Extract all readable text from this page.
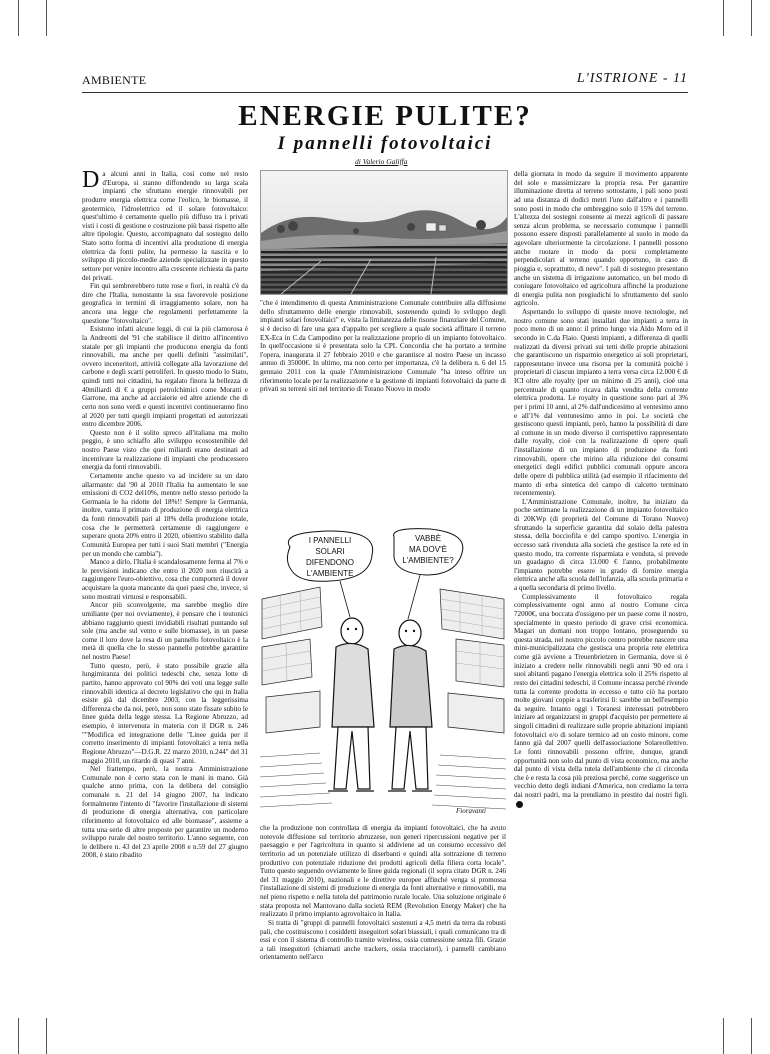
AMBIENTE	L'ISTRIONE - 11
ENERGIE PULITE?
I pannelli fotovoltaici
di Valerio Galiffa

Da alcuni anni in Italia, così come nel resto d'Europa, si stanno diffondendo su larga scala impianti che sfruttano energie rinnovabili per produrre energia elettrica come l'eolico, le biomasse, il geotermico, l'idroelettrico ed il solare fotovoltaico: quest'ultimo è certamente quello più diffuso tra i privati visti i costi di gestione e costruzione più bassi rispetto alle altre tipologie. Questo, accompagnato dal sostegno dello Stato sotto forma di incentivi alla produzione di energia elettrica da fonti pulite, ha permesso la nascita e lo sviluppo di piccolo-medie aziende specializzate in questo settore per venire incontro alla crescente richiesta da parte dei privati.

Fin qui sembrerebbero tutte rose e fiori, in realtà c'è da dire che l'Italia, nonostante la sua favorevole posizione geografica in termini di irraggiamento solare, non ha ancora una legge che regolamenti perfettamente la questione "fotovoltaico".

Esistono infatti alcune leggi, di cui la più clamorosa è la Andreotti del '91 che stabilisce il diritto all'incentivo statale per gli impianti che producono energia da fonti rinnovabili, ma anche per quelli definiti "assimilati", ovvero inceneritori, attività collegate alla lavorazione del carbone e degli scarti petroliferi. In questo modo lo Stato, quindi tutti noi cittadini, ha regalato finora la bellezza di 40miliardi di € a gruppi petrolchimici come Moratti e Garrone, ma anche ad acciaierie ed altre aziende che di certo non sono verdi e questi incentivi continueranno fino al 2020 per tutti quegli impianti progettati ed autorizzati entro dicembre 2006.

Questo non è il solito spreco all'italiana ma molto peggio, è uno schiaffo allo sviluppo ecosostenibile del nostro Paese visto che quei miliardi erano destinati ad incentivare la realizzazione di impianti che producessero energia da fonti rinnovabili.

Certamente anche questo va ad incidere su un dato allarmante: dal '90 al 2010 l'Italia ha aumentato le sue emissioni di CO2 del10%, mentre nello stesso periodo la Germania le ha ridotte del 18%!! Sempre la Germania, inoltre, vanta il primato di produzione di energia elettrica da fonti rinnovabili pari al 18% della produzione totale, cosa che le permetterà certamente di raggiungere e superare quota 20% entro il 2020, obiettivo stabilito dalla Comunità Europea per tutti i suoi Stati membri ("Energia per un mondo che cambia").

Manco a dirlo, l'Italia è scandalosamente ferma al 7% e le previsioni indicano che entro il 2020 non riuscirà a raggiungere l'euro-obiettivo, cosa che comporterà il dover acquistare la quota mancante da quei paesi che, invece, si sono mostrati virtuosi e responsabili.

Ancor più sconvolgente, ma sarebbe meglio dire umiliante (per noi ovviamente), è pensare che i teutonici abbiano raggiunto questi invidiabili risultati puntando sul sole (ma anche sul vento e sulle biomasse), in un paese come il loro dove la resa di un pannello fotovoltaico è la metà di quella che lo stesso pannello potrebbe garantire nel nostro Paese!

Tutto questo, però, è stato possibile grazie alla lungimiranza dei politici tedeschi che, senza lotte di partito, hanno approvato col 90% dei voti una legge sulle rinnovabili identica al decreto legislativo che qui in Italia esiste già dal dicembre 2003, con la leggerissima differenza che da noi, però, non sono state fissate subito le linee guida della legge stessa. La Regione Abruzzo, ad esempio, è intervenuta in materia con il DGR n. 246 ""Modifica ed integrazione delle "Linee guida per il corretto inserimento di impianti fotovoltaici a terra nella Regione Abruzzo"—D.G.R. 22 marzo 2010, n.244" del 31 maggio 2010, un ritardo di quasi 7 anni.

Nel frattempo, però, la nostra Amministrazione Comunale non è certo stata con le mani in mano. Già qualche anno prima, con la delibera del consiglio comunale n. 21 del 14 giugno 2007, ha indicato formalmente l'intento di "favorire l'installazione di sistemi di produzione di energia alternativa, con particolare riferimento al fotovoltaico ed alle biomasse", assieme a tutta una serie di altre proposte per garantire un moderno sviluppo rurale del nostro territorio. L'anno seguente, con le delibere n. 43 del 23 aprile 2008 e n.59 del 27 giugno 2008, è stato ribadito

"che è intendimento di questa Amministrazione Comunale contribuire alla diffusione dello sfruttamento delle energie rinnovabili, sostenendo quindi lo sviluppo degli impianti solari fotovoltaici" e, vista la limitatezza delle risorse finanziare del Comune, si è deciso di fare una gara d'appalto per scegliere a quale società affittare il terreno EX-Eca in C.da Campodino per la realizzazione proprio di un impianto fotovoltaico. In quell'occasione si è presentata solo la CPL Concordia che ha portato a termine l'opera, inaugurata il 27 febbraio 2010 e che garantisce al nostro Paese un incasso annuo di 35000€. In ultimo, ma non certo per importanza, c'è la delibera n. 6 del 15 gennaio 2011 con la quale l'Amministrazione Comunale "ha inteso offrire un riferimento locale per la realizzazione e la gestione di impianti fotovoltaici da parte di privati su terreni siti nel territorio di Torano Nuovo in modo

I PANNELLI
SOLARI
DIFENDONO
L'AMBIENTE
VABBÈ
MA DOV'È
L'AMBIENTE?
Fioravanti

che la produzione non controllata di energia da impianti fotovoltaici, che ha avuto notevole diffusione sul territorio abruzzese, non generi ripercussioni negative per il paesaggio e per l'agricoltura in quanto si addiviene ad un consumo eccessivo del territorio ad un potenziale utilizzo di diserbanti e quindi alla sottrazione di terreno produttivo con potenziale riduzione dei prodotti agricoli della filiera corta locale". Tutto questo seguendo ovviamente le linee guida regionali (il sopra citato DGR n. 246 del 31 maggio 2010), nazionali e le direttive europee affinché venga si promossa l'installazione di sistemi di produzione di energia da fonti alternative e rinnovabili, ma nel pieno rispetto e nella tutela del patrimonio rurale locale. Una soluzione originale è stata proposta nel Mantovano dalla società REM (Revolution Energy Maker) che ha realizzato il primo impianto agrovoltaico in Italia.

Si tratta di "gruppi di pannelli fotovoltaici sostenuti a 4,5 metri da terra da robusti pali, che costituiscono i cosiddetti inseguitori solari biassiali, i quali comunicano tra di essi e con il sistema di controllo tramite wireless, ossia connessione senza fili. Grazie a tali inseguitori (chiamati anche trackers, ossia tracciatori), i pannelli cambiano orientamento nell'arco

della giornata in modo da seguire il movimento apparente del sole e massimizzare la propria resa. Per garantire illuminazione diretta al terreno sottostante, i pali sono posti ad una distanza di dodici metri l'uno dall'altro e i pannelli sono posti in modo che ombreggino solo il 15% del terreno. L'altezza dei sostegni consente ai mezzi agricoli di passare senza alcun problema, se necessario comunque i pannelli possono essere disposti parallelamente al suolo in modo da agevolare ulteriormente la circolazione. I pannelli possono anche ruotare in modo da porsi completamente perpendicolari al terreno quando opportuno, in caso di pioggia e, soprattutto, di neve". I pali di sostegno presentano anche un sistema di irrigazione automatico, un bel modo di coniugare fotovoltaico ed agricoltura affinché la produzione di energia pulita non pregiudichi lo sfruttamento del suolo agricolo.

Aspettando lo sviluppo di queste nuove tecnologie, nel nostro comune sono stati installati due impianti a terra in poco meno di un anno: il primo lungo via Aldo Moro ed il secondo in C.da Flaio. Questi impianti, a differenza di quelli realizzati da diversi privati sui tetti delle proprie abitazioni che garantiscono un risparmio energetico ai soli proprietari, rappresentano invece una risorsa per la comunità poiché i proprietari di ciascun impianto a terra versa circa 12.000 € di ICI oltre alle royalty (per un minimo di 25 anni), cioè una percentuale di quanto ricava dalla vendita della corrente elettrica prodotta. Le royalty in questione sono pari al 3% per i primi 10 anni, al 2% dall'undicesimo al ventesimo anno e all'1% dal ventunesimo anno in poi. Le società che gestiscono questi impianti, però, hanno la possibilità di dare al comune in un modo diverso il corrispettivo rappresentato dalle royalty, cioè con la realizzazione di opere quali l'installazione di un impianto di produzione da fonti rinnovabili, opere che mirino alla riduzione dei consumi energetici degli edifici pubblici comunali oppure ancora delle opere di pubblica utilità (ad esempio il rifacimento del manto di erba sintetica del campo di calcetto terminato recentemente).

L'Amministrazione Comunale, inoltre, ha iniziato da poche settimane la realizzazione di un impianto fotovoltaico di 20KWp (di proprietà del Comune di Torano Nuovo) sfruttando la superficie garantita dal solaio della palestra stessa, della bocciofila e del campo sportivo. L'energia in eccesso sarà rivenduta alla società che gestisce la rete ed in questo modo, tra corrente risparmiata e venduta, si prevede un guadagno di circa 13.000 € l'anno, probabilmente l'impianto potrebbe essere in grado di fornire energia elettrica anche alla scuola dell'infanzia, alla scuola primaria e a quella secondaria di primo livello.

Complessivamente il fotovoltaico regala complessivamente ogni anno al nostro Comune circa 72000€, una boccata d'ossigeno per un paese come il nostro, specialmente in questo periodo di grave crisi economica. Magari un domani non troppo lontano, proseguendo su questa strada, nel nostro piccolo centro potrebbe nascere una mini-municipalizzata che gestisca una propria rete elettrica come già avviene a Treuenbrietzen in Germania, dove si è iniziato a credere nelle rinnovabili negli anni '90 ed ora i suoi abitanti pagano l'energia elettrica solo il 25% rispetto al resto dei cittadini tedeschi, il Comune incassa perché rivende tutta la corrente prodotta in eccesso e tutto ciò ha portato molte giovani coppie a trasferirsi lì: sarebbe un bell'esempio da seguire. Intanto oggi i Toranesi interessati potrebbero iniziare ad organizzarsi in gruppi d'acquisto per permettere ai singoli cittadini di realizzare sulle proprie abitazioni impianti fotovoltaici e/o di solare termico ad un costo minore, come fanno già dal 2007 quelli dell'associazione Solareollettivo. Le fonti rinnovabili possono offrire, dunque, grandi opportunità non solo dal punto di vista economico, ma anche dal punto di vista della tutela dell'ambiente che ci circonda che è e resta la cosa più preziosa perché, come suggerisce un vecchio detto degli indiani d'America, non crediamo la terra dai nostri padri, ma la prendiamo in prestito dai nostri figli.
